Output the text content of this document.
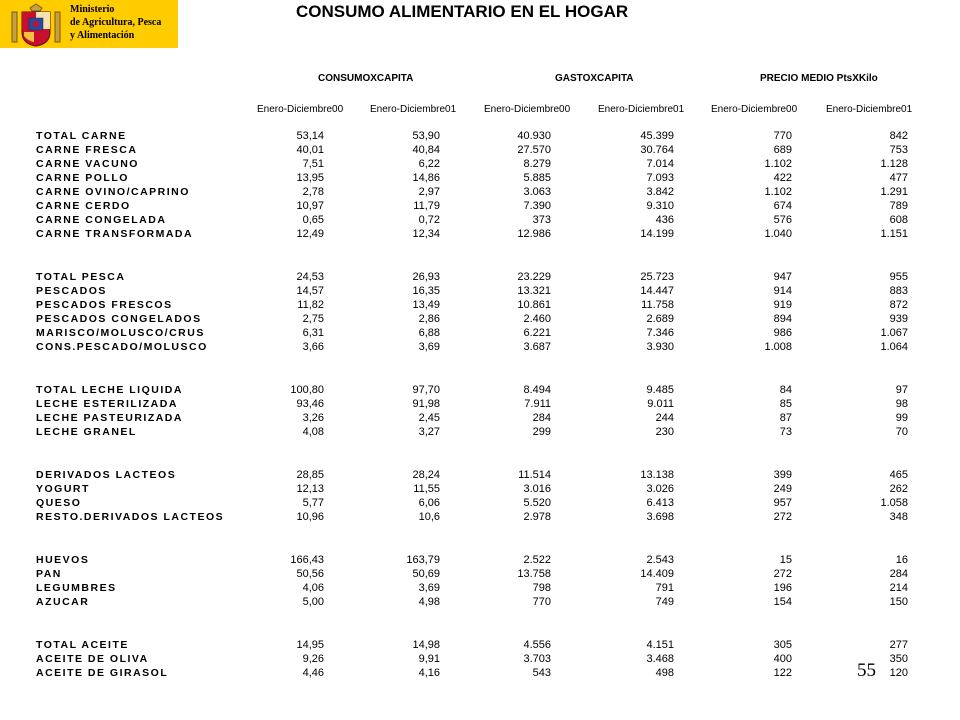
Ministerio
de Agricultura, Pesca
y Alimentación
CONSUMO ALIMENTARIO EN EL HOGAR
CONSUMOXCAPITA	GASTOXCAPITA	PRECIO MEDIO PtsXKilo
Enero-Diciembre00	Enero-Diciembre01	Enero-Diciembre00	Enero-Diciembre01	Enero-Diciembre00	Enero-Diciembre01
TOTAL CARNE	53,14	53,90	40.930	45.399	770	842
CARNE FRESCA	40,01	40,84	27.570	30.764	689	753
CARNE VACUNO	7,51	6,22	8.279	7.014	1.102	1.128
CARNE POLLO	13,95	14,86	5.885	7.093	422	477
CARNE OVINO/CAPRINO	2,78	2,97	3.063	3.842	1.102	1.291
CARNE CERDO	10,97	11,79	7.390	9.310	674	789
CARNE CONGELADA	0,65	0,72	373	436	576	608
CARNE TRANSFORMADA	12,49	12,34	12.986	14.199	1.040	1.151
TOTAL PESCA	24,53	26,93	23.229	25.723	947	955
PESCADOS	14,57	16,35	13.321	14.447	914	883
PESCADOS FRESCOS	11,82	13,49	10.861	11.758	919	872
PESCADOS CONGELADOS	2,75	2,86	2.460	2.689	894	939
MARISCO/MOLUSCO/CRUS	6,31	6,88	6.221	7.346	986	1.067
CONS.PESCADO/MOLUSCO	3,66	3,69	3.687	3.930	1.008	1.064
TOTAL LECHE LIQUIDA	100,80	97,70	8.494	9.485	84	97
LECHE ESTERILIZADA	93,46	91,98	7.911	9.011	85	98
LECHE PASTEURIZADA	3,26	2,45	284	244	87	99
LECHE GRANEL	4,08	3,27	299	230	73	70
DERIVADOS LACTEOS	28,85	28,24	11.514	13.138	399	465
YOGURT	12,13	11,55	3.016	3.026	249	262
QUESO	5,77	6,06	5.520	6.413	957	1.058
RESTO.DERIVADOS LACTEOS	10,96	10,6	2.978	3.698	272	348
HUEVOS	166,43	163,79	2.522	2.543	15	16
PAN	50,56	50,69	13.758	14.409	272	284
LEGUMBRES	4,06	3,69	798	791	196	214
AZUCAR	5,00	4,98	770	749	154	150
TOTAL ACEITE	14,95	14,98	4.556	4.151	305	277
ACEITE DE OLIVA	9,26	9,91	3.703	3.468	400	350
ACEITE DE GIRASOL	4,46	4,16	543	498	122	120
55
